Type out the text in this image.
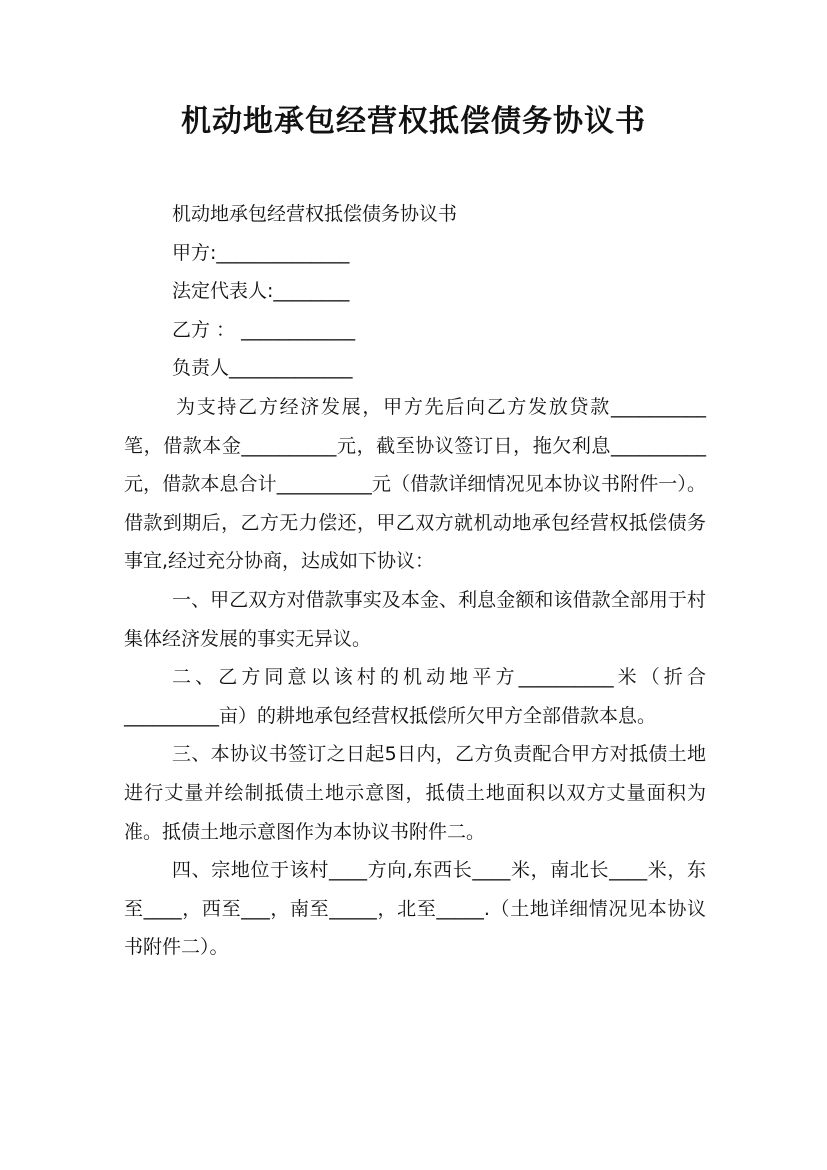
机动地承包经营权抵偿债务协议书
机动地承包经营权抵偿债务协议书
甲方:______________
法定代表人:________
乙方 ： ____________
负责人_____________
为支持乙方经济发展，甲方先后向乙方发放贷款__________笔，借款本金__________元，截至协议签订日，拖欠利息__________元，借款本息合计__________元（借款详细情况见本协议书附件一）。借款到期后，乙方无力偿还，甲乙双方就机动地承包经营权抵偿债务事宜,经过充分协商，达成如下协议：
一、甲乙双方对借款事实及本金、利息金额和该借款全部用于村集体经济发展的事实无异议。
二、乙方同意以该村的机动地平方__________米（折合__________亩）的耕地承包经营权抵偿所欠甲方全部借款本息。
三、本协议书签订之日起5日内，乙方负责配合甲方对抵债土地进行丈量并绘制抵债土地示意图，抵债土地面积以双方丈量面积为准。抵债土地示意图作为本协议书附件二。
四、宗地位于该村____方向,东西长____米，南北长____米，东至____，西至___，南至_____，北至_____.（土地详细情况见本协议书附件二）。
